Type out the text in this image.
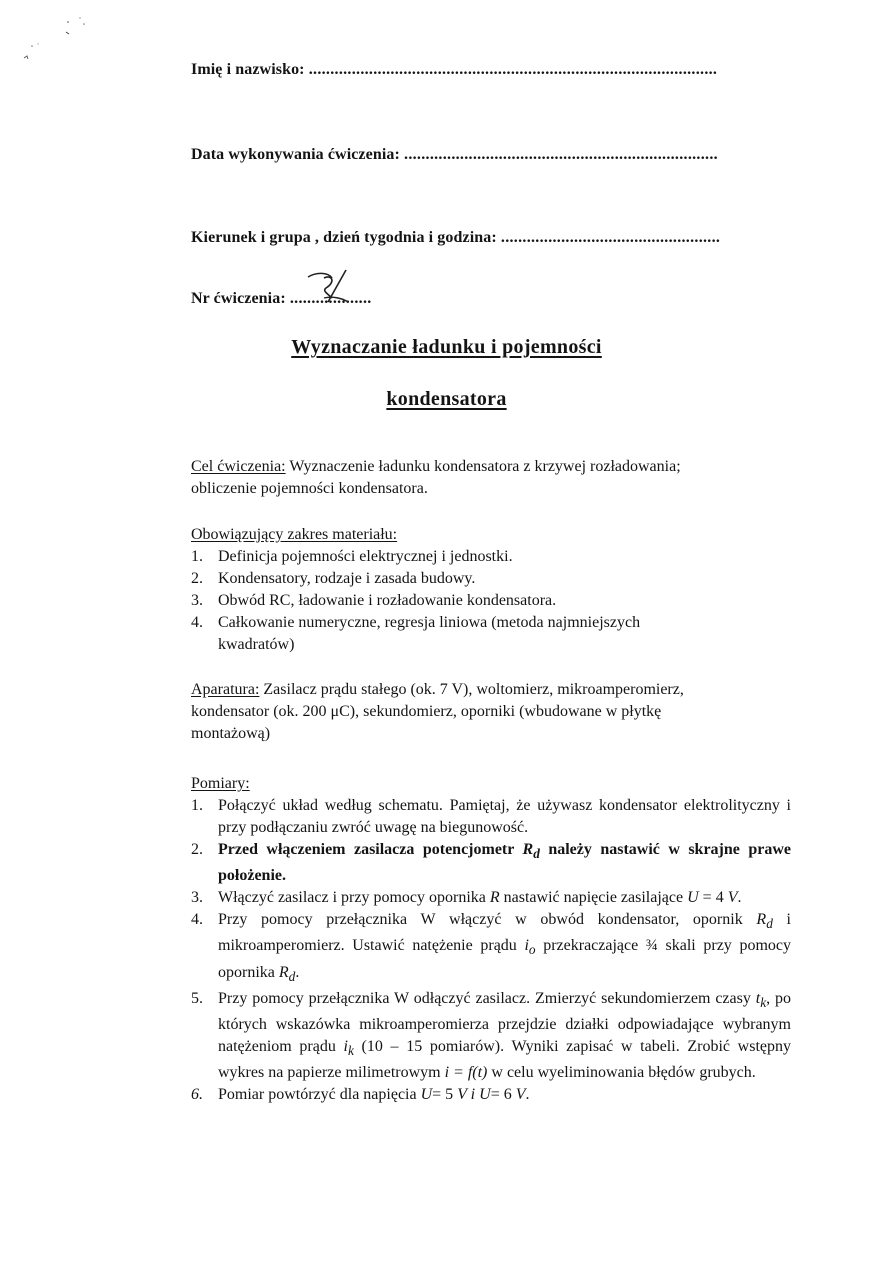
Imię i nazwisko: ...............................................................................................
Data wykonywania ćwiczenia: .........................................................................
Kierunek i grupa , dzień tygodnia i godzina: ...................................................
Nr ćwiczenia: ...................
Wyznaczanie ładunku i pojemności
kondensatora
Cel ćwiczenia: Wyznaczenie ładunku kondensatora z krzywej rozładowania;
obliczenie pojemności kondensatora.
Obowiązujący zakres materiału:
1. Definicja pojemności elektrycznej i jednostki.
2. Kondensatory, rodzaje i zasada budowy.
3. Obwód RC, ładowanie i rozładowanie kondensatora.
4. Całkowanie numeryczne, regresja liniowa (metoda najmniejszych kwadratów)
Aparatura: Zasilacz prądu stałego (ok. 7 V), woltomierz, mikroamperomierz,
kondensator (ok. 200 μC), sekundomierz, oporniki (wbudowane w płytkę
montażową)
Pomiary:
1. Połączyć układ według schematu. Pamiętaj, że używasz kondensator elektrolityczny i przy podłączaniu zwróć uwagę na biegunowość.
2. Przed włączeniem zasilacza potencjometr $R_d$ należy nastawić w skrajne prawe położenie.
3. Włączyć zasilacz i przy pomocy opornika R nastawić napięcie zasilające U = 4 V.
4. Przy pomocy przełącznika W włączyć w obwód kondensator, opornik $R_d$ i mikroamperomierz. Ustawić natężenie prądu $i_o$ przekraczające ¾ skali przy pomocy opornika $R_d$.
5. Przy pomocy przełącznika W odłączyć zasilacz. Zmierzyć sekundomierzem czasy $t_k$, po których wskazówka mikroamperomierza przejdzie działki odpowiadające wybranym natężeniom prądu $i_k$ (10 – 15 pomiarów). Wyniki zapisać w tabeli. Zrobić wstępny wykres na papierze milimetrowym i = f(t) w celu wyeliminowania błędów grubych.
6. Pomiar powtórzyć dla napięcia U= 5 V i U= 6 V.
